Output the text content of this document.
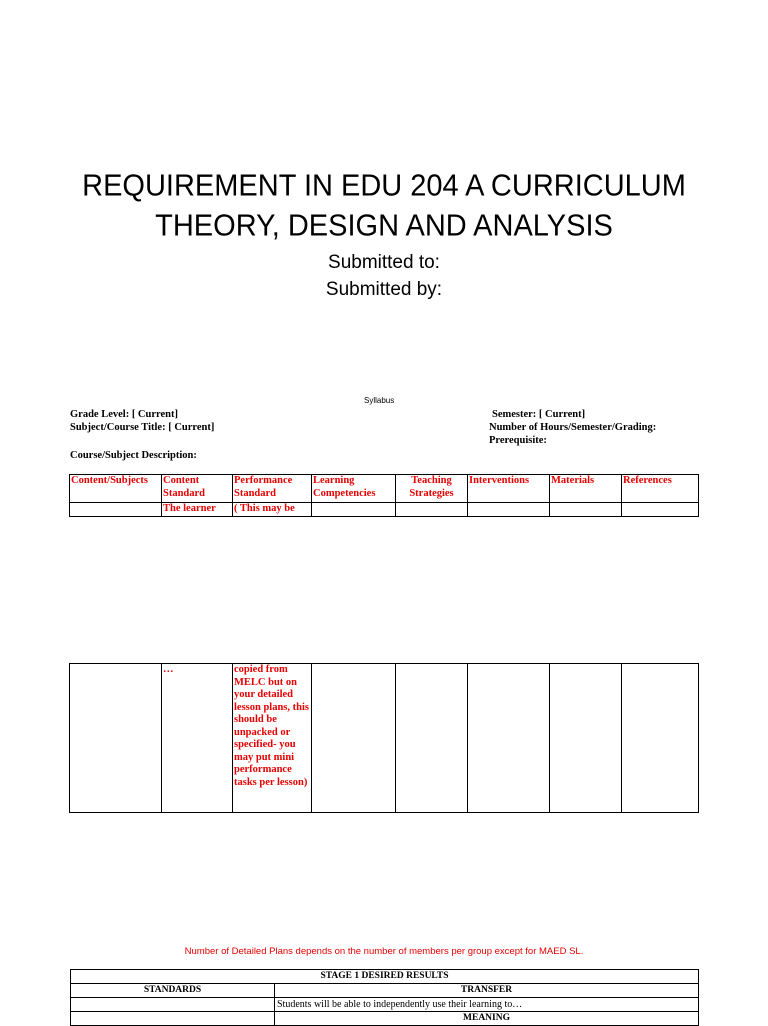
REQUIREMENT IN EDU 204 A CURRICULUM
THEORY, DESIGN AND ANALYSIS
Submitted to:
Submitted by:
Syllabus
Grade Level: [ Current]
Subject/Course Title: [ Current]
Course/Subject Description:
Semester: [ Current]
Number of Hours/Semester/Grading:
Prerequisite:
Content/Subjects	Content Standard	Performance Standard	Learning Competencies	Teaching Strategies	Interventions	Materials	References
	The learner	( This may be					
	…	copied from MELC but on your detailed lesson plans, this should be unpacked or specified- you may put mini performance tasks per lesson)					
Number of Detailed Plans depends on the number of members per group except for MAED SL.
STAGE 1 DESIRED RESULTS	
STANDARDS	TRANSFER
	Students will be able to independently use their learning to…
	MEANING
